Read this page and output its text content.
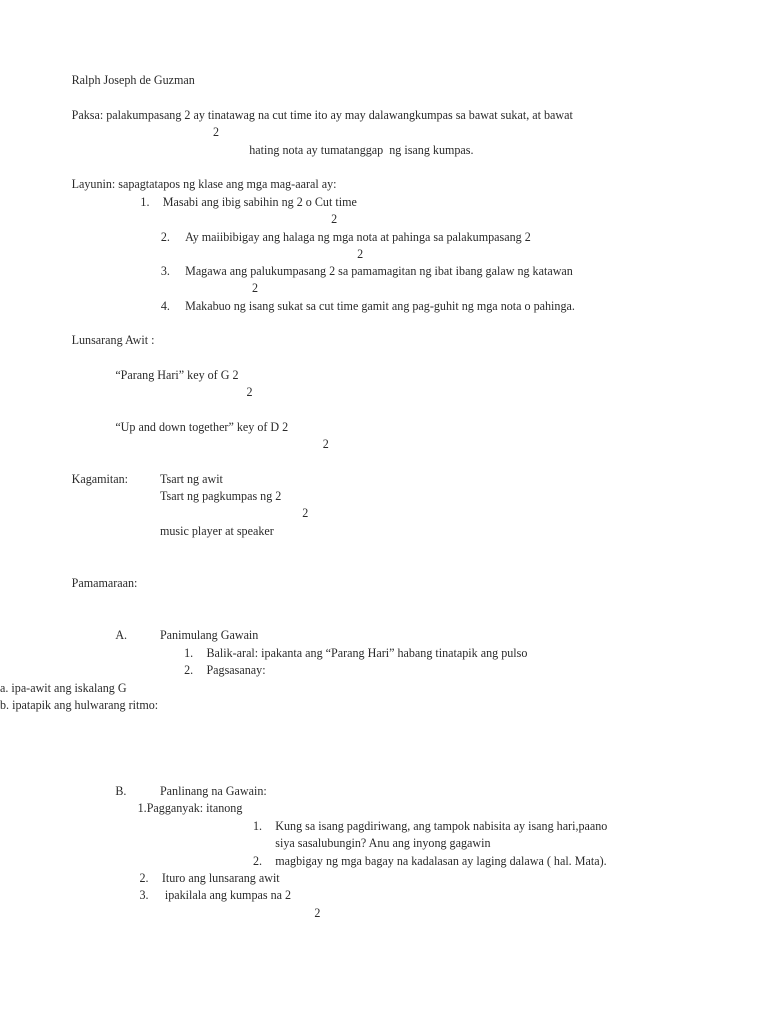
Ralph Joseph de Guzman
Paksa: palakumpasang 2 ay tinatawag na cut time ito ay may dalawangkumpas sa bawat sukat, at bawat
2
hating nota ay tumatanggap  ng isang kumpas.
Layunin: sapagtatapos ng klase ang mga mag-aaral ay:
1. Masabi ang ibig sabihin ng 2 o Cut time
2
2. Ay maiibibigay ang halaga ng mga nota at pahinga sa palakumpasang 2
2
3. Magawa ang palukumpasang 2 sa pamamagitan ng ibat ibang galaw ng katawan
2
4. Makabuo ng isang sukat sa cut time gamit ang pag-guhit ng mga nota o pahinga.
Lunsarang Awit :
“Parang Hari” key of G 2
2
“Up and down together” key of D 2
2
Kagamitan: Tsart ng awit
Tsart ng pagkumpas ng 2
2
music player at speaker
Pamamaraan:
A.	Panimulang Gawain
1. Balik-aral: ipakanta ang “Parang Hari” habang tinatapik ang pulso
2. Pagsasanay:
a. ipa-awit ang iskalang G
b. ipatapik ang hulwarang ritmo:
B.	Panlinang na Gawain:
1.Pagganyak: itanong
1. Kung sa isang pagdiriwang, ang tampok nabisita ay isang hari,paano
siya sasalubungin? Anu ang inyong gagawin
2. magbigay ng mga bagay na kadalasan ay laging dalawa ( hal. Mata).
2. Ituro ang lunsarang awit
3. ipakilala ang kumpas na 2
2
